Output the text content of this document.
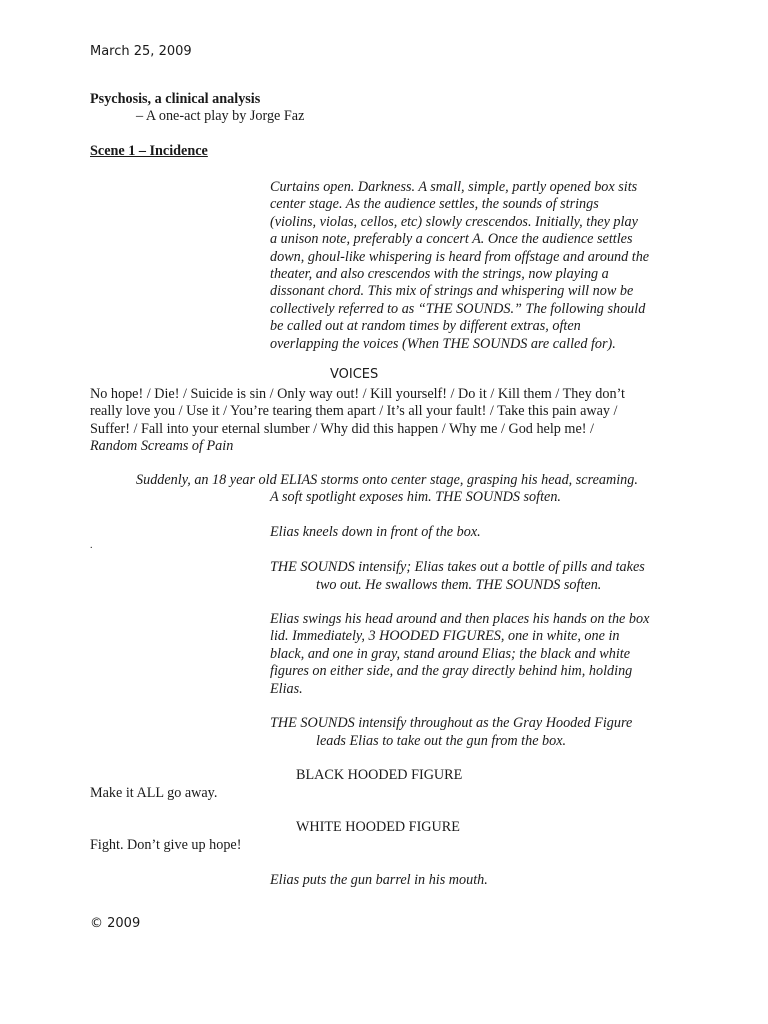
March 25, 2009
Psychosis, a clinical analysis
– A one-act play by Jorge Faz
Scene 1 – Incidence
Curtains open. Darkness. A small, simple, partly opened box sits
center stage. As the audience settles, the sounds of strings
(violins, violas, cellos, etc) slowly crescendos. Initially, they play
a unison note, preferably a concert A. Once the audience settles
down, ghoul-like whispering is heard from offstage and around the
theater, and also crescendos with the strings, now playing a
dissonant chord. This mix of strings and whispering will now be
collectively referred to as “THE SOUNDS.” The following should
be called out at random times by different extras, often
overlapping the voices (When THE SOUNDS are called for).
VOICES
No hope! / Die! / Suicide is sin / Only way out! / Kill yourself! / Do it / Kill them / They don’t
really love you / Use it / You’re tearing them apart / It’s all your fault! / Take this pain away /
Suffer! / Fall into your eternal slumber / Why did this happen / Why me / God help me! /
Random Screams of Pain
Suddenly, an 18 year old ELIAS storms onto center stage, grasping his head, screaming.
A soft spotlight exposes him. THE SOUNDS soften.
Elias kneels down in front of the box.
.
THE SOUNDS intensify; Elias takes out a bottle of pills and takes
two out. He swallows them. THE SOUNDS soften.
Elias swings his head around and then places his hands on the box
lid. Immediately, 3 HOODED FIGURES, one in white, one in
black, and one in gray, stand around Elias; the black and white
figures on either side, and the gray directly behind him, holding
Elias.
THE SOUNDS intensify throughout as the Gray Hooded Figure
leads Elias to take out the gun from the box.
BLACK HOODED FIGURE
Make it ALL go away.
WHITE HOODED FIGURE
Fight. Don’t give up hope!
Elias puts the gun barrel in his mouth.
© 2009
